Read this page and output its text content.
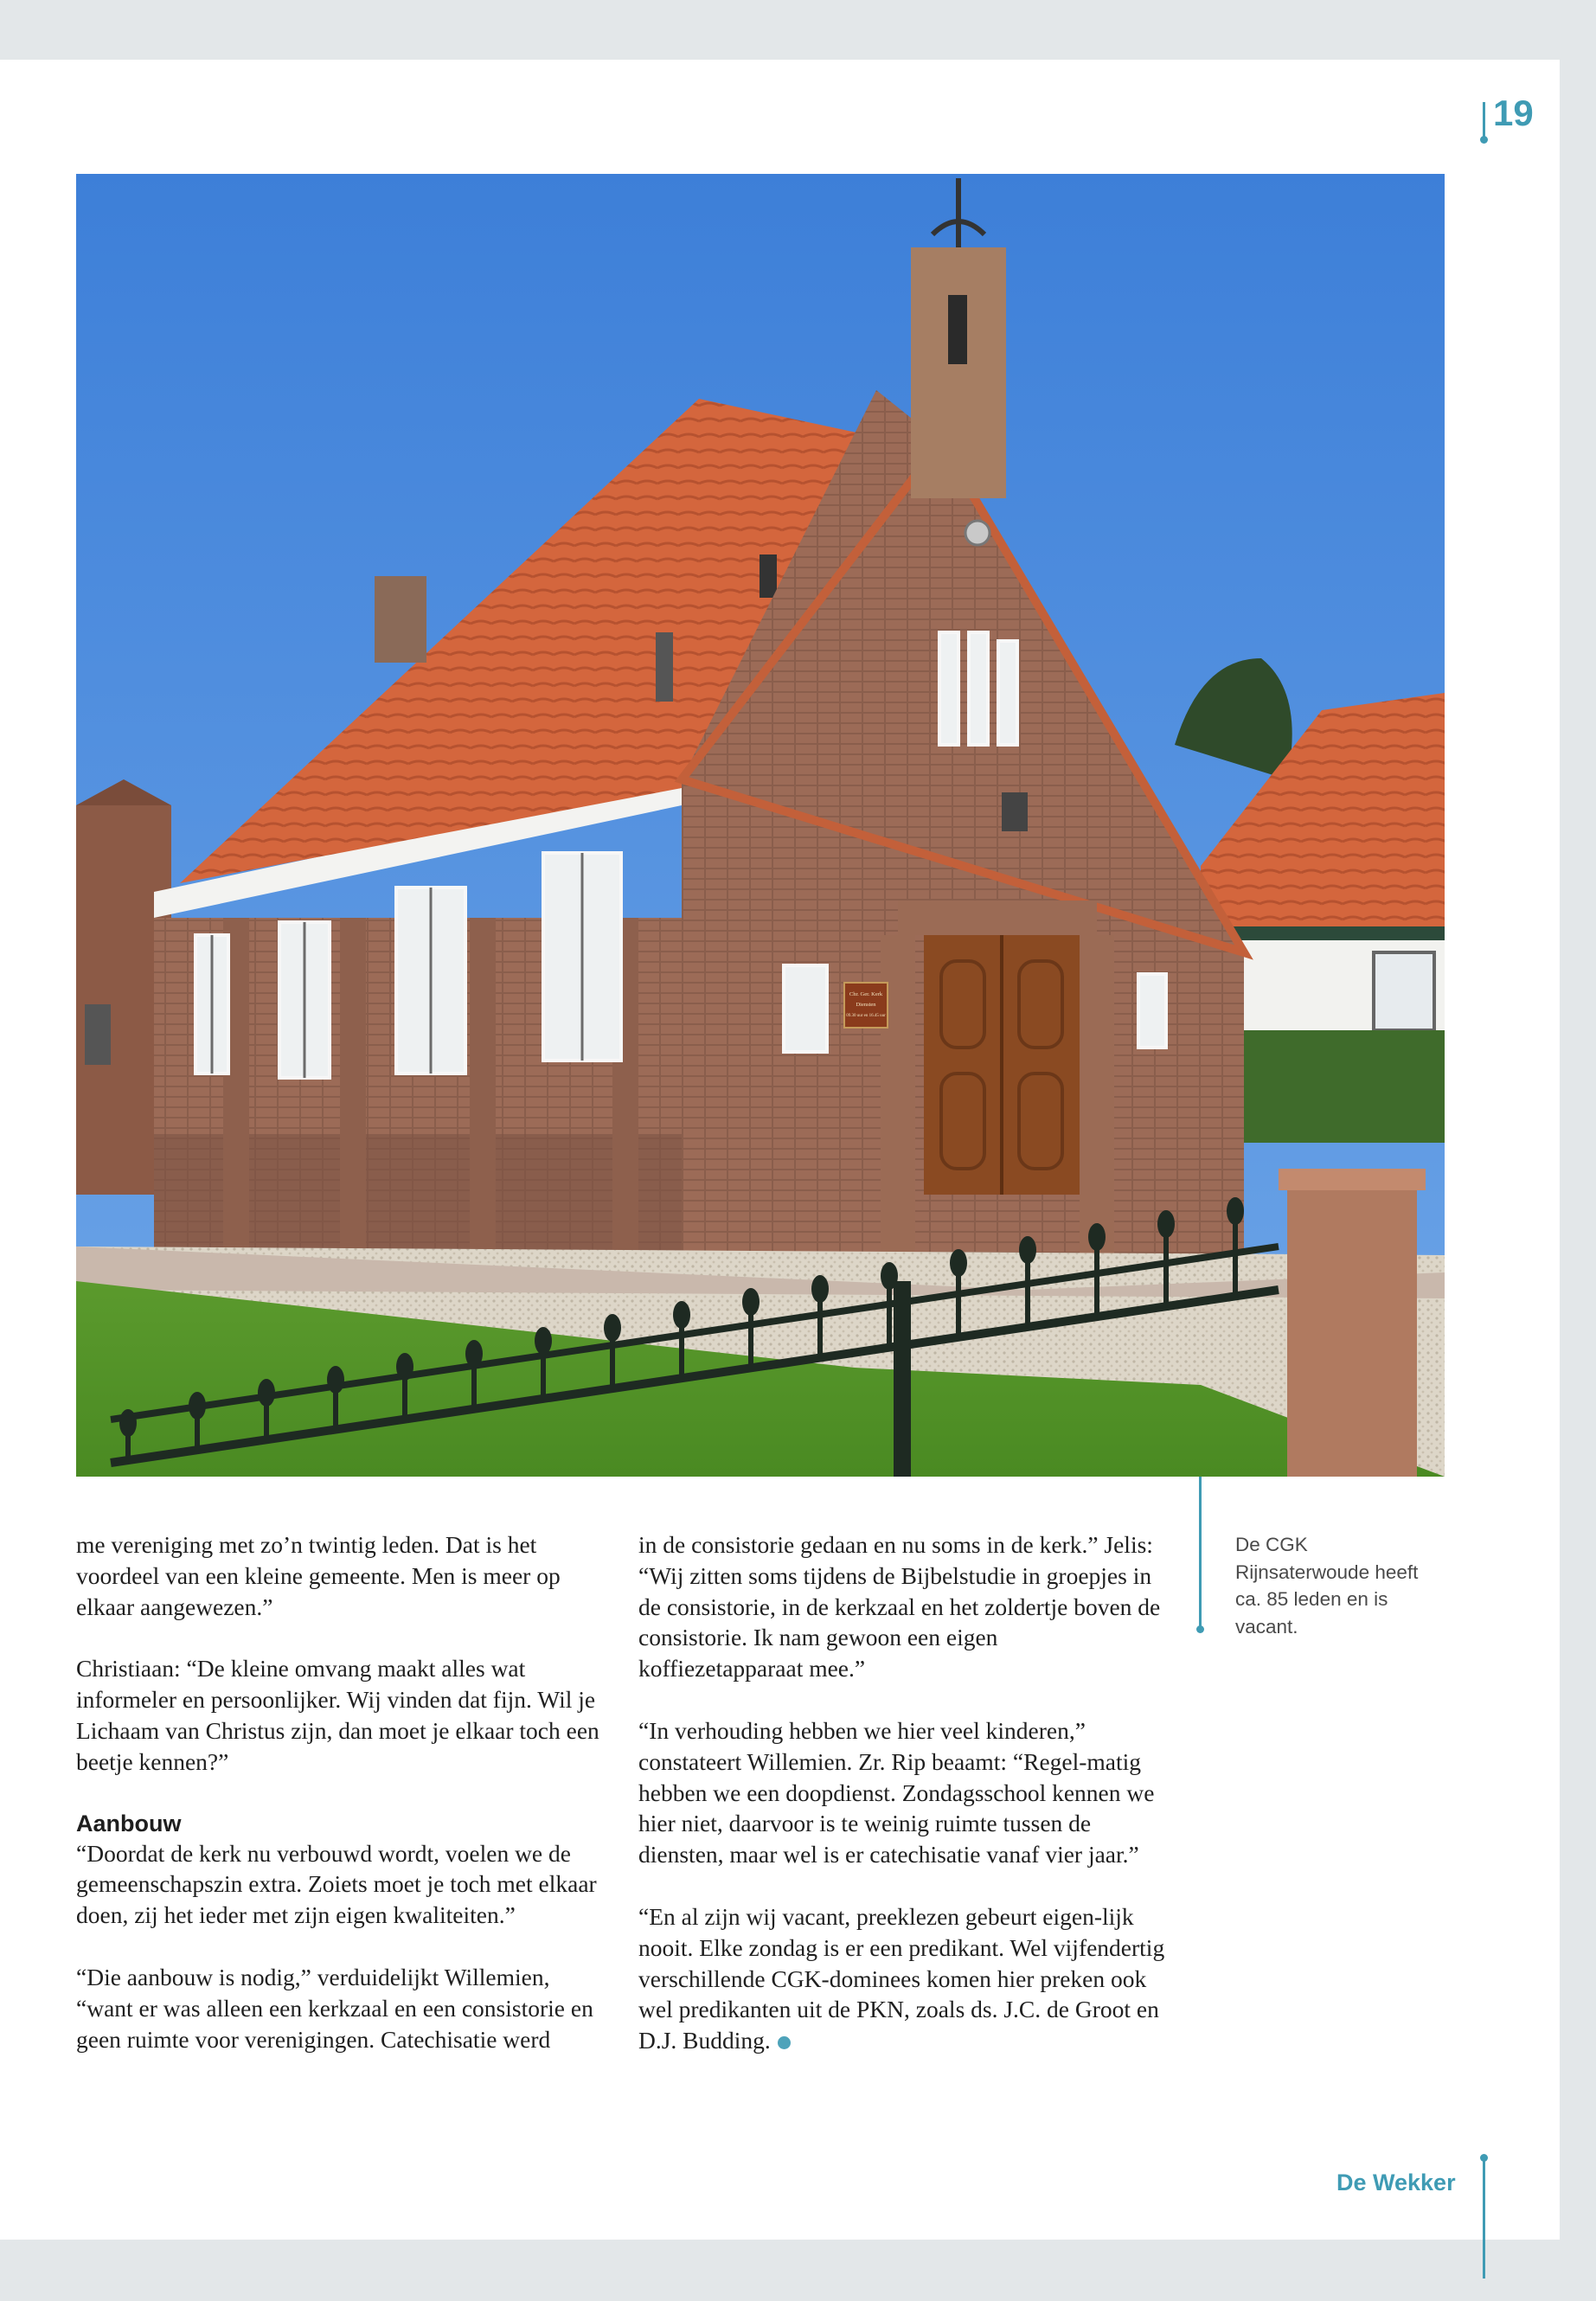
19
Chr. Ger. Kerk
Diensten
09.30 uur en 16.45 uur

me vereniging met zo’n twintig leden. Dat is het voordeel van een kleine gemeente. Men is meer op elkaar aangewezen.”

Christiaan: “De kleine omvang maakt alles wat informeler en persoonlijker. Wij vinden dat fijn. Wil je Lichaam van Christus zijn, dan moet je elkaar toch een beetje kennen?”

Aanbouw

“Doordat de kerk nu verbouwd wordt, voelen we de gemeenschapszin extra. Zoiets moet je toch met elkaar doen, zij het ieder met zijn eigen kwaliteiten.”

“Die aanbouw is nodig,” verduidelijkt Willemien, “want er was alleen een kerkzaal en een consistorie en geen ruimte voor verenigingen. Catechisatie werd

in de consistorie gedaan en nu soms in de kerk.” Jelis: “Wij zitten soms tijdens de Bijbelstudie in groepjes in de consistorie, in de kerkzaal en het zoldertje boven de consistorie. Ik nam gewoon een eigen koffiezetapparaat mee.”

“In verhouding hebben we hier veel kinderen,” constateert Willemien. Zr. Rip beaamt: “Regel-matig hebben we een doopdienst. Zondagsschool kennen we hier niet, daarvoor is te weinig ruimte tussen de diensten, maar wel is er catechisatie vanaf vier jaar.”

“En al zijn wij vacant, preeklezen gebeurt eigen-lijk nooit. Elke zondag is er een predikant. Wel vijfendertig verschillende CGK-dominees komen hier preken ook wel predikanten uit de PKN, zoals ds. J.C. de Groot en D.J. Budding.

De CGK Rijnsaterwoude heeft ca. 85 leden en is vacant.
De Wekker
